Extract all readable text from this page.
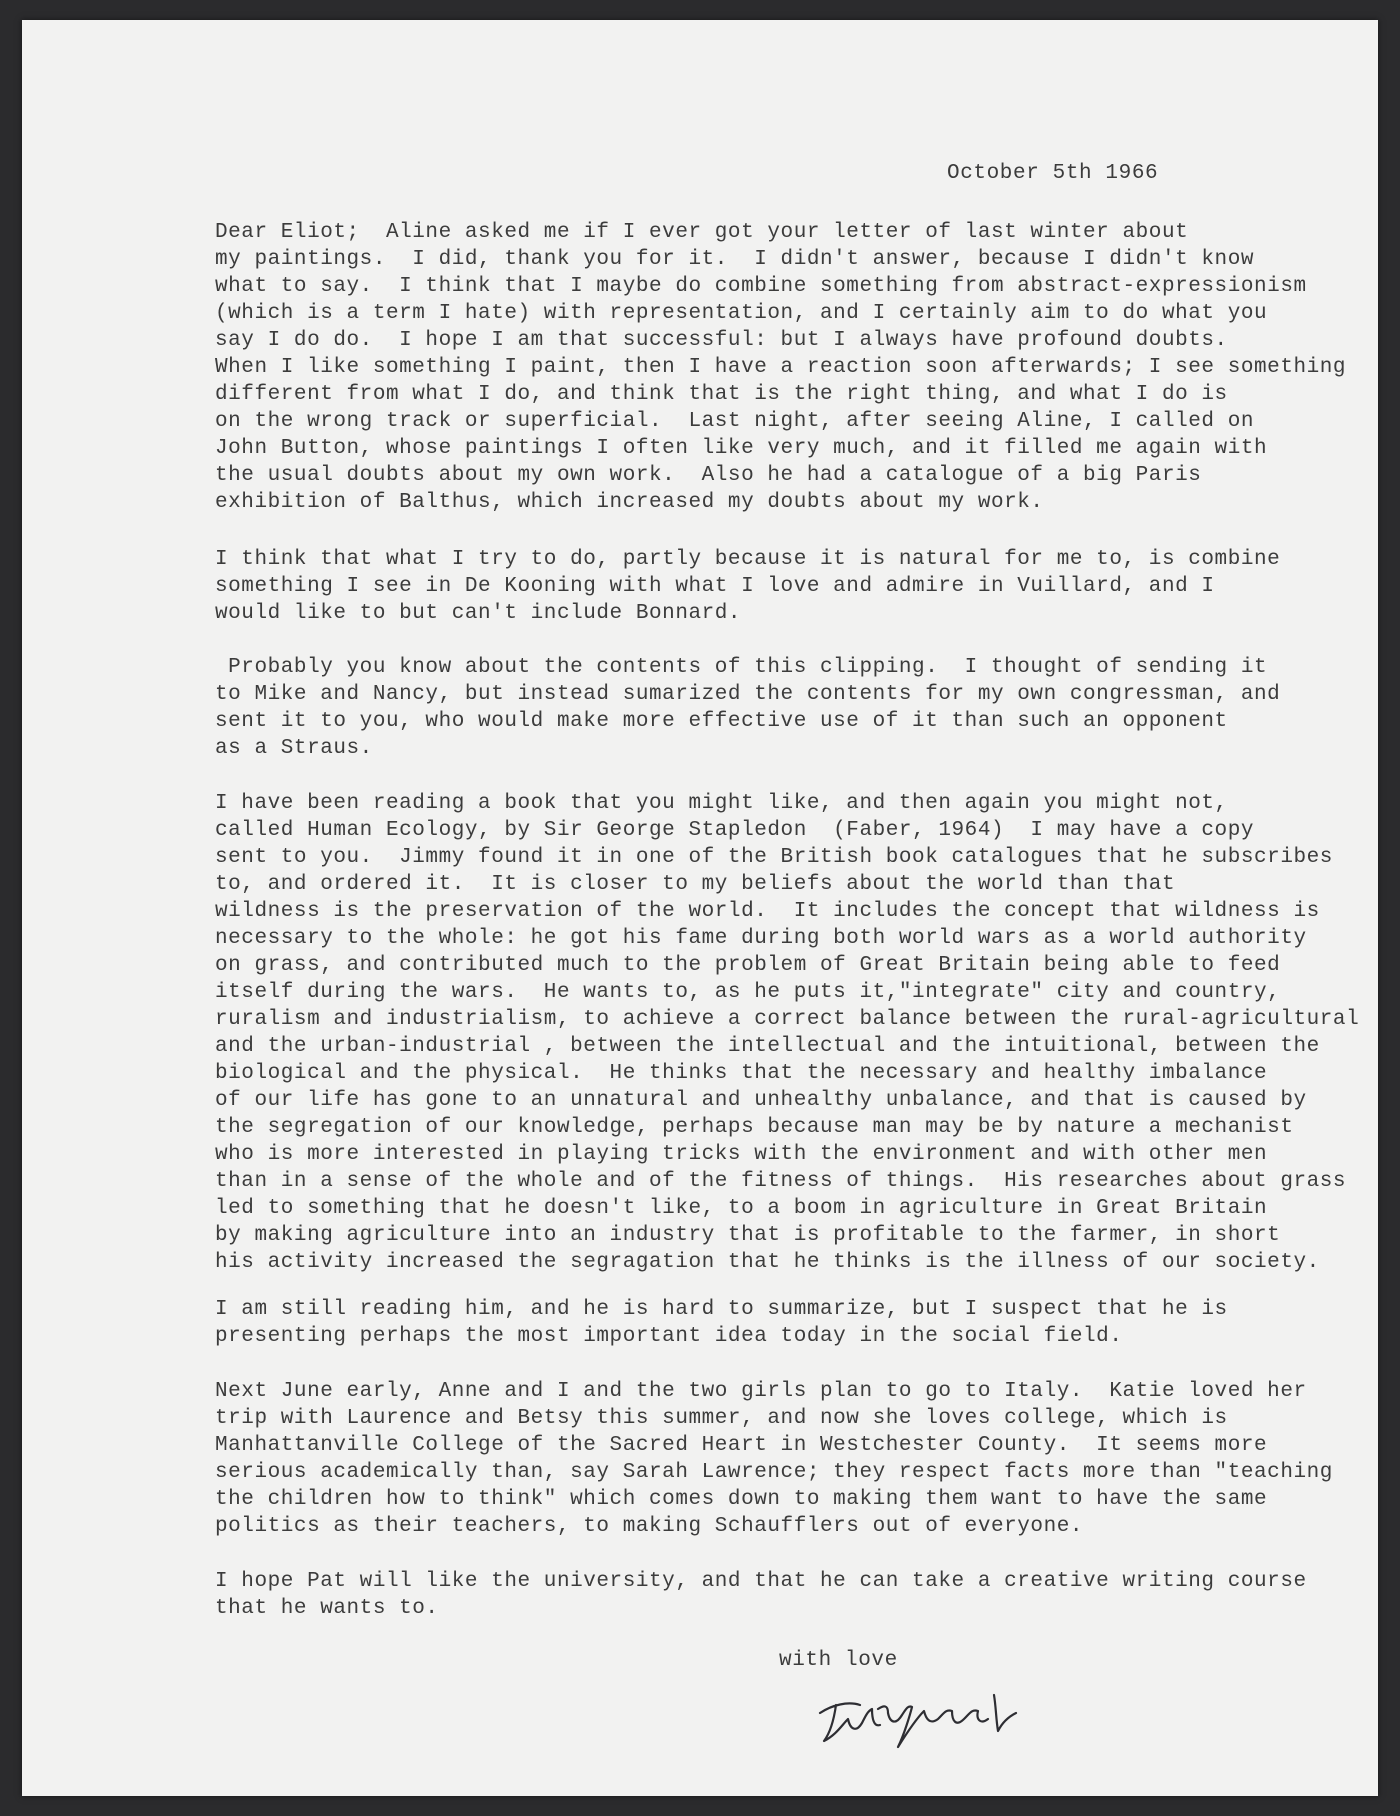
October 5th 1966
Dear Eliot;  Aline asked me if I ever got your letter of last winter about
my paintings.  I did, thank you for it.  I didn't answer, because I didn't know
what to say.  I think that I maybe do combine something from abstract-expressionism
(which is a term I hate) with representation, and I certainly aim to do what you
say I do do.  I hope I am that successful: but I always have profound doubts.
When I like something I paint, then I have a reaction soon afterwards; I see something
different from what I do, and think that is the right thing, and what I do is
on the wrong track or superficial.  Last night, after seeing Aline, I called on
John Button, whose paintings I often like very much, and it filled me again with
the usual doubts about my own work.  Also he had a catalogue of a big Paris
exhibition of Balthus, which increased my doubts about my work.
I think that what I try to do, partly because it is natural for me to, is combine
something I see in De Kooning with what I love and admire in Vuillard, and I
would like to but can't include Bonnard.
Probably you know about the contents of this clipping.  I thought of sending it
to Mike and Nancy, but instead sumarized the contents for my own congressman, and
sent it to you, who would make more effective use of it than such an opponent
as a Straus.
I have been reading a book that you might like, and then again you might not,
called Human Ecology, by Sir George Stapledon  (Faber, 1964)  I may have a copy
sent to you.  Jimmy found it in one of the British book catalogues that he subscribes
to, and ordered it.  It is closer to my beliefs about the world than that
wildness is the preservation of the world.  It includes the concept that wildness is
necessary to the whole: he got his fame during both world wars as a world authority
on grass, and contributed much to the problem of Great Britain being able to feed
itself during the wars.  He wants to, as he puts it,"integrate" city and country,
ruralism and industrialism, to achieve a correct balance between the rural-agricultural
and the urban-industrial , between the intellectual and the intuitional, between the
biological and the physical.  He thinks that the necessary and healthy imbalance
of our life has gone to an unnatural and unhealthy unbalance, and that is caused by
the segregation of our knowledge, perhaps because man may be by nature a mechanist
who is more interested in playing tricks with the environment and with other men
than in a sense of the whole and of the fitness of things.  His researches about grass
led to something that he doesn't like, to a boom in agriculture in Great Britain
by making agriculture into an industry that is profitable to the farmer, in short
his activity increased the segragation that he thinks is the illness of our society.
I am still reading him, and he is hard to summarize, but I suspect that he is
presenting perhaps the most important idea today in the social field.
Next June early, Anne and I and the two girls plan to go to Italy.  Katie loved her
trip with Laurence and Betsy this summer, and now she loves college, which is
Manhattanville College of the Sacred Heart in Westchester County.  It seems more
serious academically than, say Sarah Lawrence; they respect facts more than "teaching
the children how to think" which comes down to making them want to have the same
politics as their teachers, to making Schaufflers out of everyone.
I hope Pat will like the university, and that he can take a creative writing course
that he wants to.
with love
